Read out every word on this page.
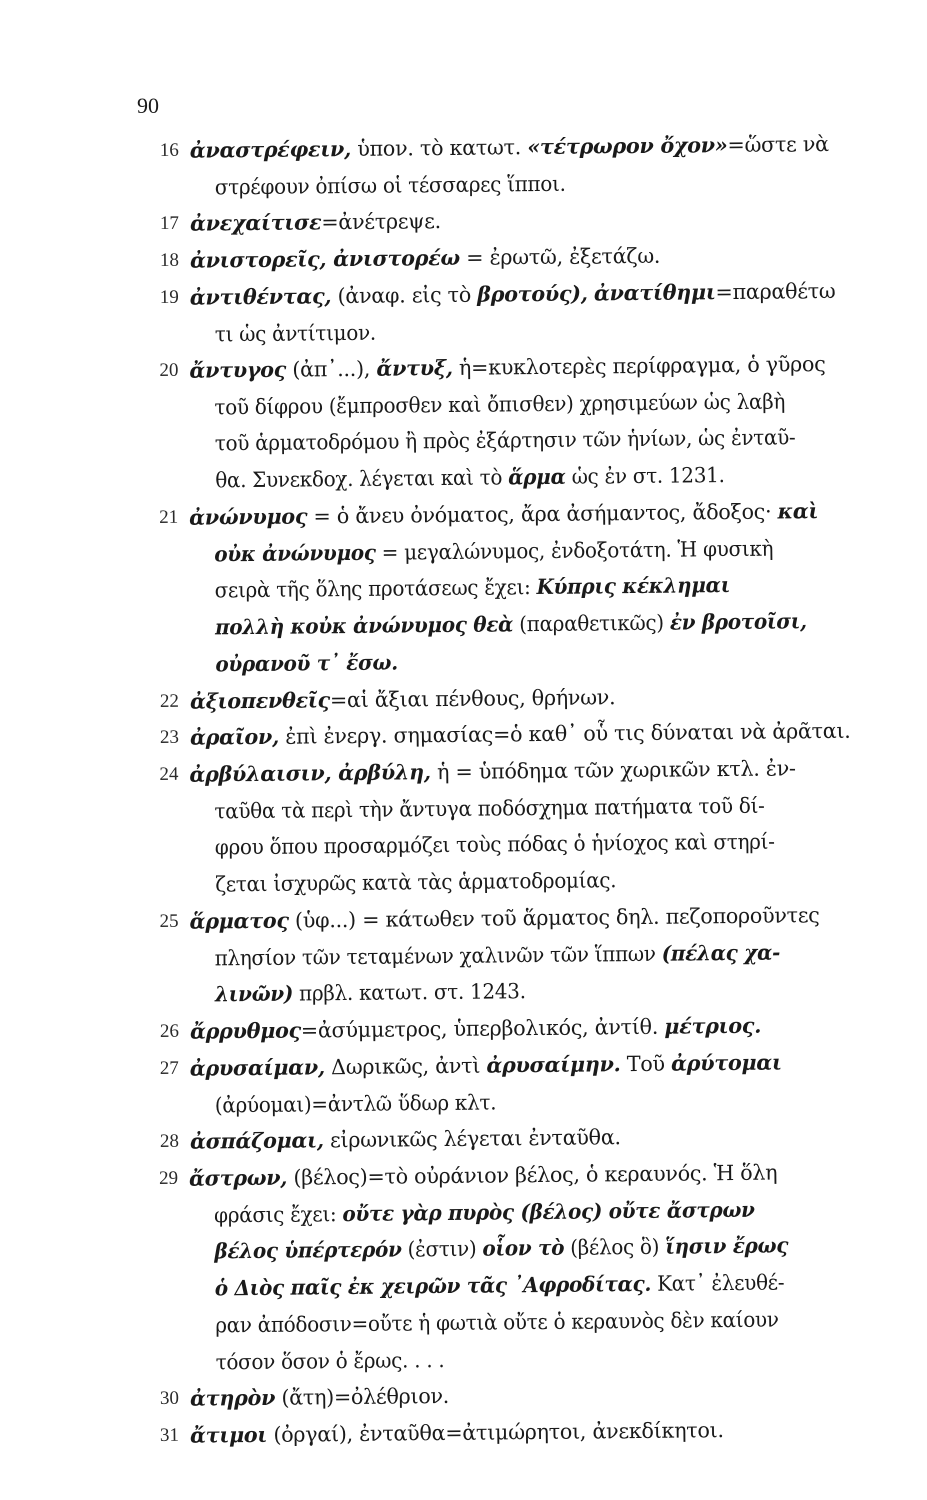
90
16 ἀναστρέφειν, ὑπον. τὸ κατωτ. «τέτρωρον ὄχον»=ὥστε νὰ
στρέφουν ὀπίσω οἱ τέσσαρες ἵπποι.
17 ἀνεχαίτισε=ἀνέτρεψε.
18 ἀνιστορεῖς, ἀνιστορέω = ἐρωτῶ, ἐξετάζω.
19 ἀντιθέντας, (ἀναφ. εἰς τὸ βροτούς), ἀνατίθημι=παραθέτω
τι ὡς ἀντίτιμον.
20 ἄντυγος (ἀπ᾿...), ἄντυξ, ἡ=κυκλοτερὲς περίφραγμα, ὁ γῦρος
τοῦ δίφρου (ἔμπροσθεν καὶ ὄπισθεν) χρησιμεύων ὡς λαβὴ
τοῦ ἁρματοδρόμου ἢ πρὸς ἐξάρτησιν τῶν ἡνίων, ὡς ἐνταῦ-
θα. Συνεκδοχ. λέγεται καὶ τὸ ἅρμα ὡς ἐν στ. 1231.
21 ἀνώνυμος = ὁ ἄνευ ὀνόματος, ἄρα ἀσήμαντος, ἄδοξος· καὶ
οὐκ ἀνώνυμος = μεγαλώνυμος, ἐνδοξοτάτη. Ἡ φυσικὴ
σειρὰ τῆς ὅλης προτάσεως ἔχει: Κύπρις κέκλημαι
πολλὴ κοὐκ ἀνώνυμος θεὰ (παραθετικῶς) ἐν βροτοῖσι,
οὐρανοῦ τ᾿ ἔσω.
22 ἀξιοπενθεῖς=αἱ ἄξιαι πένθους, θρήνων.
23 ἀραῖον, ἐπὶ ἐνεργ. σημασίας=ὁ καθ᾿ οὗ τις δύναται νὰ ἀρᾶται.
24 ἀρβύλαισιν, ἀρβύλη, ἡ = ὑπόδημα τῶν χωρικῶν κτλ. ἐν-
ταῦθα τὰ περὶ τὴν ἄντυγα ποδόσχημα πατήματα τοῦ δί-
φρου ὅπου προσαρμόζει τοὺς πόδας ὁ ἡνίοχος καὶ στηρί-
ζεται ἰσχυρῶς κατὰ τὰς ἁρματοδρομίας.
25 ἅρματος (ὑφ...) = κάτωθεν τοῦ ἅρματος δηλ. πεζοποροῦντες
πλησίον τῶν τεταμένων χαλινῶν τῶν ἵππων (πέλας χα-
λινῶν) πρβλ. κατωτ. στ. 1243.
26 ἄρρυθμος=ἀσύμμετρος, ὑπερβολικός, ἀντίθ. μέτριος.
27 ἀρυσαίμαν, Δωρικῶς, ἀντὶ ἀρυσαίμην. Τοῦ ἀρύτομαι
(ἀρύομαι)=ἀντλῶ ὕδωρ κλτ.
28 ἀσπάζομαι, εἰρωνικῶς λέγεται ἐνταῦθα.
29 ἄστρων, (βέλος)=τὸ οὐράνιον βέλος, ὁ κεραυνός. Ἡ ὅλη
φράσις ἔχει: οὔτε γὰρ πυρὸς (βέλος) οὔτε ἄστρων
βέλος ὑπέρτερόν (ἐστιν) οἷον τὸ (βέλος ὃ) ἵησιν ἔρως
ὁ Διὸς παῖς ἐκ χειρῶν τᾶς ᾿Αφροδίτας. Κατ᾿ ἐλευθέ-
ραν ἀπόδοσιν=οὔτε ἡ φωτιὰ οὔτε ὁ κεραυνὸς δὲν καίουν
τόσον ὅσον ὁ ἔρως. . . .
30 ἀτηρὸν (ἄτη)=ὀλέθριον.
31 ἄτιμοι (ὀργαί), ἐνταῦθα=ἀτιμώρητοι, ἀνεκδίκητοι.
